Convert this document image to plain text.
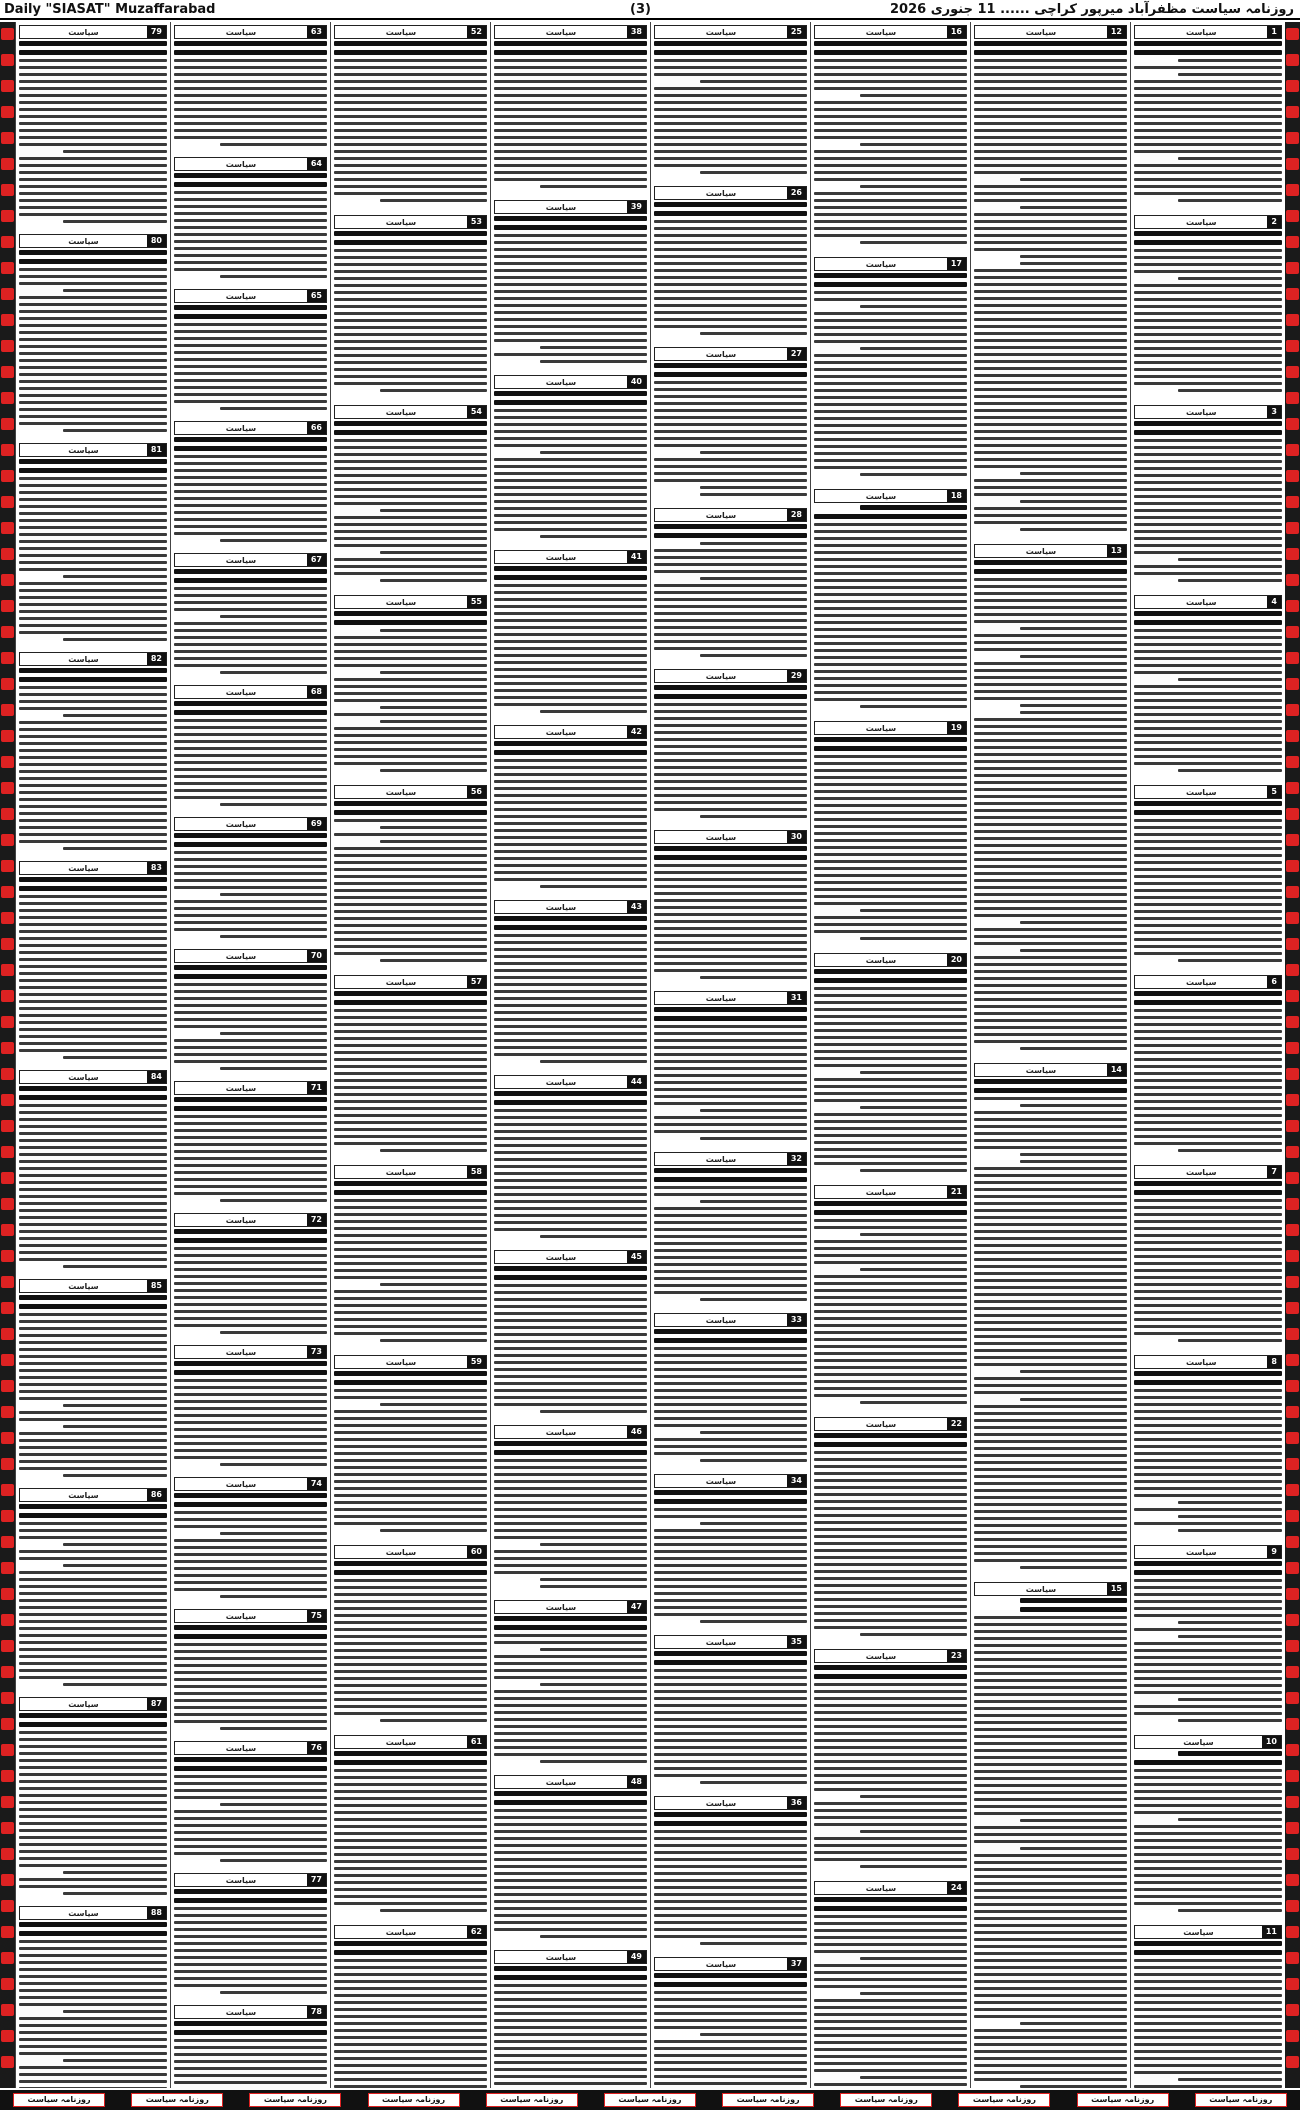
Daily "SIASAT" Muzaffarabad	(3)	روزنامہ سیاست مظفرآباد میرپور کراچی ...... 11 جنوری 2026
1
سیاست
2
سیاست
3
سیاست
4
سیاست
5
سیاست
6
سیاست
7
سیاست
8
سیاست
9
سیاست
10
سیاست
11
سیاست
12
سیاست
13
سیاست
14
سیاست
15
سیاست
16
سیاست
17
سیاست
18
سیاست
19
سیاست
20
سیاست
21
سیاست
22
سیاست
23
سیاست
24
سیاست
25
سیاست
26
سیاست
27
سیاست
28
سیاست
29
سیاست
30
سیاست
31
سیاست
32
سیاست
33
سیاست
34
سیاست
35
سیاست
36
سیاست
37
سیاست
38
سیاست
39
سیاست
40
سیاست
41
سیاست
42
سیاست
43
سیاست
44
سیاست
45
سیاست
46
سیاست
47
سیاست
48
سیاست
49
سیاست
52
سیاست
53
سیاست
54
سیاست
55
سیاست
56
سیاست
57
سیاست
58
سیاست
59
سیاست
60
سیاست
61
سیاست
62
سیاست
63
سیاست
64
سیاست
65
سیاست
66
سیاست
67
سیاست
68
سیاست
69
سیاست
70
سیاست
71
سیاست
72
سیاست
73
سیاست
74
سیاست
75
سیاست
76
سیاست
77
سیاست
78
سیاست
79
سیاست
80
سیاست
81
سیاست
82
سیاست
83
سیاست
84
سیاست
85
سیاست
86
سیاست
87
سیاست
88
سیاست
روزنامہ سیاست	روزنامہ سیاست	روزنامہ سیاست	روزنامہ سیاست	روزنامہ سیاست	روزنامہ سیاست	روزنامہ سیاست	روزنامہ سیاست	روزنامہ سیاست	روزنامہ سیاست	روزنامہ سیاست
